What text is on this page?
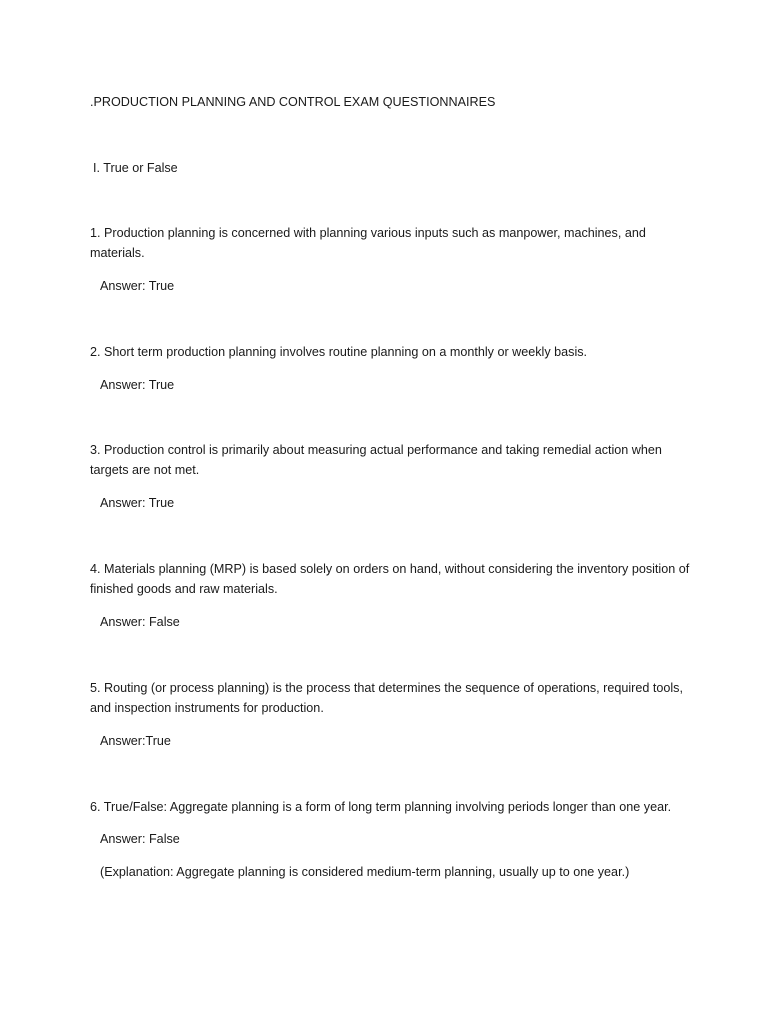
.PRODUCTION PLANNING AND CONTROL EXAM QUESTIONNAIRES
I. True or False
1. Production planning is concerned with planning various inputs such as manpower, machines, and materials.
Answer: True
2. Short term production planning involves routine planning on a monthly or weekly basis.
Answer: True
3. Production control is primarily about measuring actual performance and taking remedial action when targets are not met.
Answer: True
4. Materials planning (MRP) is based solely on orders on hand, without considering the inventory position of finished goods and raw materials.
Answer: False
5. Routing (or process planning) is the process that determines the sequence of operations, required tools, and inspection instruments for production.
Answer:True
6. True/False: Aggregate planning is a form of long term planning involving periods longer than one year.
Answer: False
(Explanation: Aggregate planning is considered medium-term planning, usually up to one year.)
